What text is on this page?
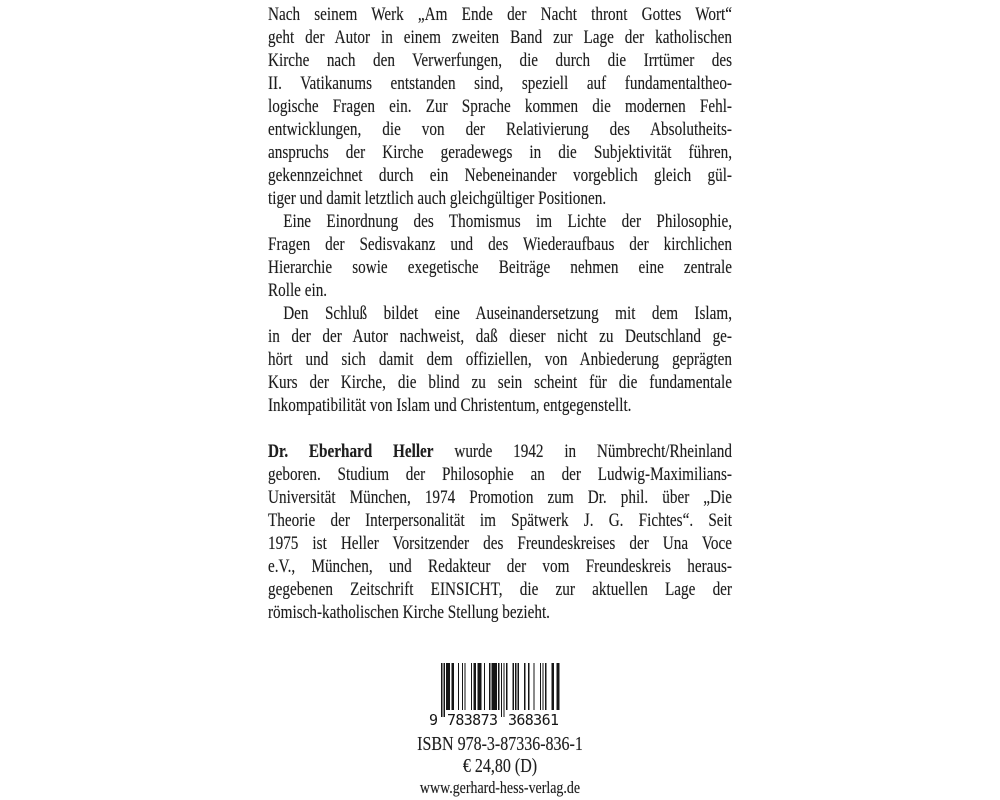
Nach seinem Werk „Am Ende der Nacht thront Gottes Wort“
geht der Autor in einem zweiten Band zur Lage der katholischen
Kirche nach den Verwerfungen, die durch die Irrtümer des
II. Vatikanums entstanden sind, speziell auf fundamentaltheo-
logische Fragen ein. Zur Sprache kommen die modernen Fehl-
entwicklungen, die von der Relativierung des Absolutheits-
anspruchs der Kirche geradewegs in die Subjektivität führen,
gekennzeichnet durch ein Nebeneinander vorgeblich gleich gül-
tiger und damit letztlich auch gleichgültiger Positionen.
Eine Einordnung des Thomismus im Lichte der Philosophie,
Fragen der Sedisvakanz und des Wiederaufbaus der kirchlichen
Hierarchie sowie exegetische Beiträge nehmen eine zentrale
Rolle ein.
Den Schluß bildet eine Auseinandersetzung mit dem Islam,
in der der Autor nachweist, daß dieser nicht zu Deutschland ge-
hört und sich damit dem offiziellen, von Anbiederung geprägten
Kurs der Kirche, die blind zu sein scheint für die fundamentale
Inkompatibilität von Islam und Christentum, entgegenstellt.
Dr. Eberhard Heller wurde 1942 in Nümbrecht/Rheinland
geboren. Studium der Philosophie an der Ludwig-Maximilians-
Universität München, 1974 Promotion zum Dr. phil. über „Die
Theorie der Interpersonalität im Spätwerk J. G. Fichtes“. Seit
1975 ist Heller Vorsitzender des Freundeskreises der Una Voce
e.V., München, und Redakteur der vom Freundeskreis heraus-
gegebenen Zeitschrift EINSICHT, die zur aktuellen Lage der
römisch-katholischen Kirche Stellung bezieht.
9 783873 368361
ISBN 978-3-87336-836-1
€ 24,80 (D)
www.gerhard-hess-verlag.de
